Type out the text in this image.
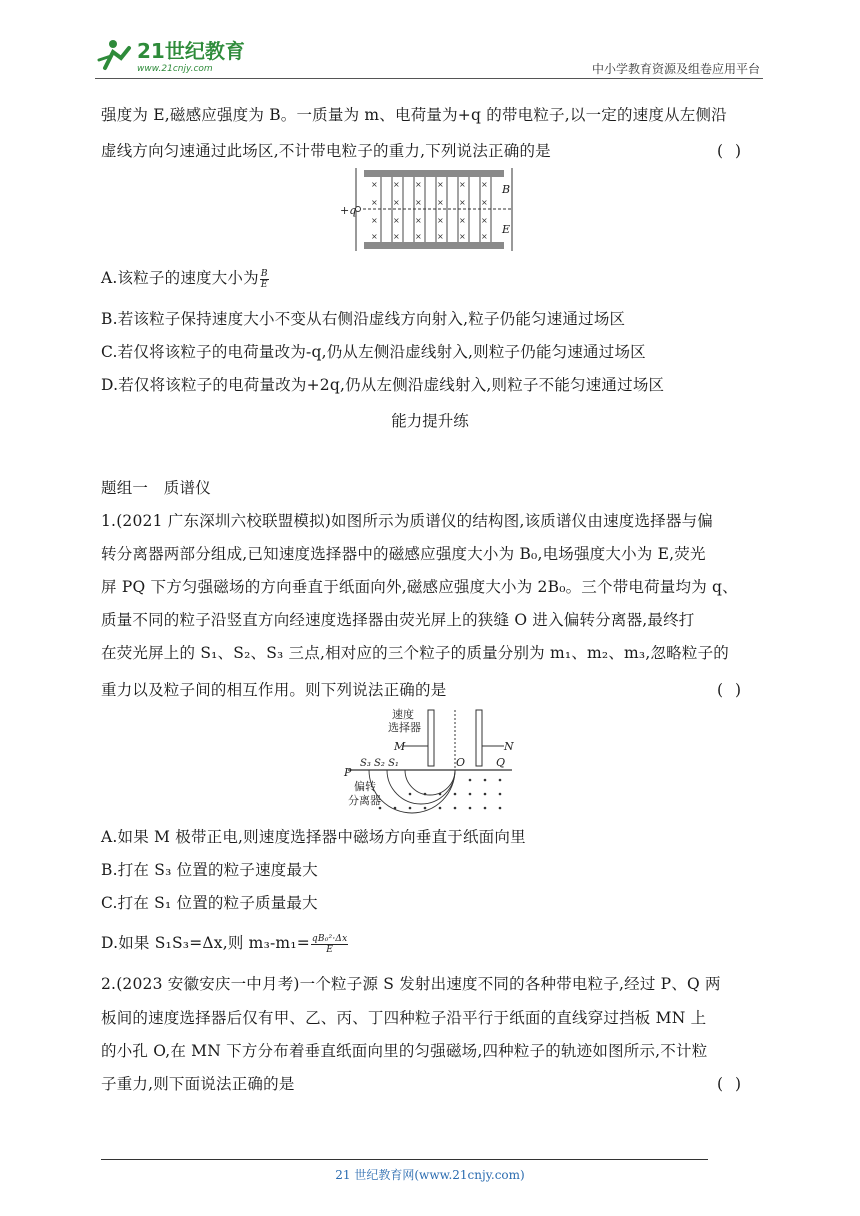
21世纪教育
www.21cnjy.com	中小学教育资源及组卷应用平台
强度为 E,磁感应强度为 B。一质量为 m、电荷量为+q 的带电粒子,以一定的速度从左侧沿
虚线方向匀速通过此场区,不计带电粒子的重力,下列说法正确的是	()
× × × × × ×
× × × × × ×
× × × × × ×
× × × × × ×
+q
B
E
A.该粒子的速度大小为 $\frac{B}{E}$
B.若该粒子保持速度大小不变从右侧沿虚线方向射入,粒子仍能匀速通过场区
C.若仅将该粒子的电荷量改为-q,仍从左侧沿虚线射入,则粒子仍能匀速通过场区
D.若仅将该粒子的电荷量改为+2q,仍从左侧沿虚线射入,则粒子不能匀速通过场区
能力提升练
题组一　质谱仪
1.(2021 广东深圳六校联盟模拟)如图所示为质谱仪的结构图,该质谱仪由速度选择器与偏
转分离器两部分组成,已知速度选择器中的磁感应强度大小为 B₀,电场强度大小为 E,荧光
屏 PQ 下方匀强磁场的方向垂直于纸面向外,磁感应强度大小为 2B₀。三个带电荷量均为 q、
质量不同的粒子沿竖直方向经速度选择器由荧光屏上的狭缝 O 进入偏转分离器,最终打
在荧光屏上的 S₁、S₂、S₃ 三点,相对应的三个粒子的质量分别为 m₁、m₂、m₃,忽略粒子的
重力以及粒子间的相互作用。则下列说法正确的是	()
速度
选择器
M	N
P
O	Q
S₃ S₂ S₁
偏转
分离器
A.如果 M 极带正电,则速度选择器中磁场方向垂直于纸面向里
B.打在 S₃ 位置的粒子速度最大
C.打在 S₁ 位置的粒子质量最大
D.如果 S₁S₃=Δx,则 $m_3-m_1= \frac{\text{qB₀²·Δx}}{E}$
2.(2023 安徽安庆一中月考)一个粒子源 S 发射出速度不同的各种带电粒子,经过 P、Q 两
板间的速度选择器后仅有甲、乙、丙、丁四种粒子沿平行于纸面的直线穿过挡板 MN 上
的小孔 O,在 MN 下方分布着垂直纸面向里的匀强磁场,四种粒子的轨迹如图所示,不计粒
子重力,则下面说法正确的是	()
21 世纪教育网(www.21cnjy.com)
